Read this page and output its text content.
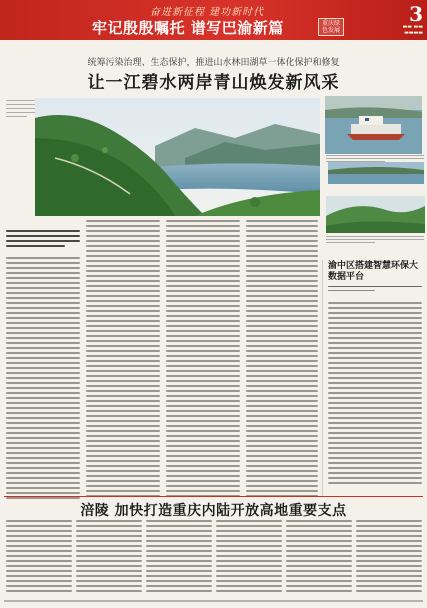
奋进新征程 建功新时代
牢记殷殷嘱托 谱写巴渝新篇	重庆绿色发展
3
▬▬ ▬▬
▬▬▬▬
统筹污染治理、生态保护，推进山水林田湖草一体化保护和修复
让一江碧水两岸青山焕发新风采
渝中区搭建智慧环保大数据平台
涪陵 加快打造重庆内陆开放高地重要支点
